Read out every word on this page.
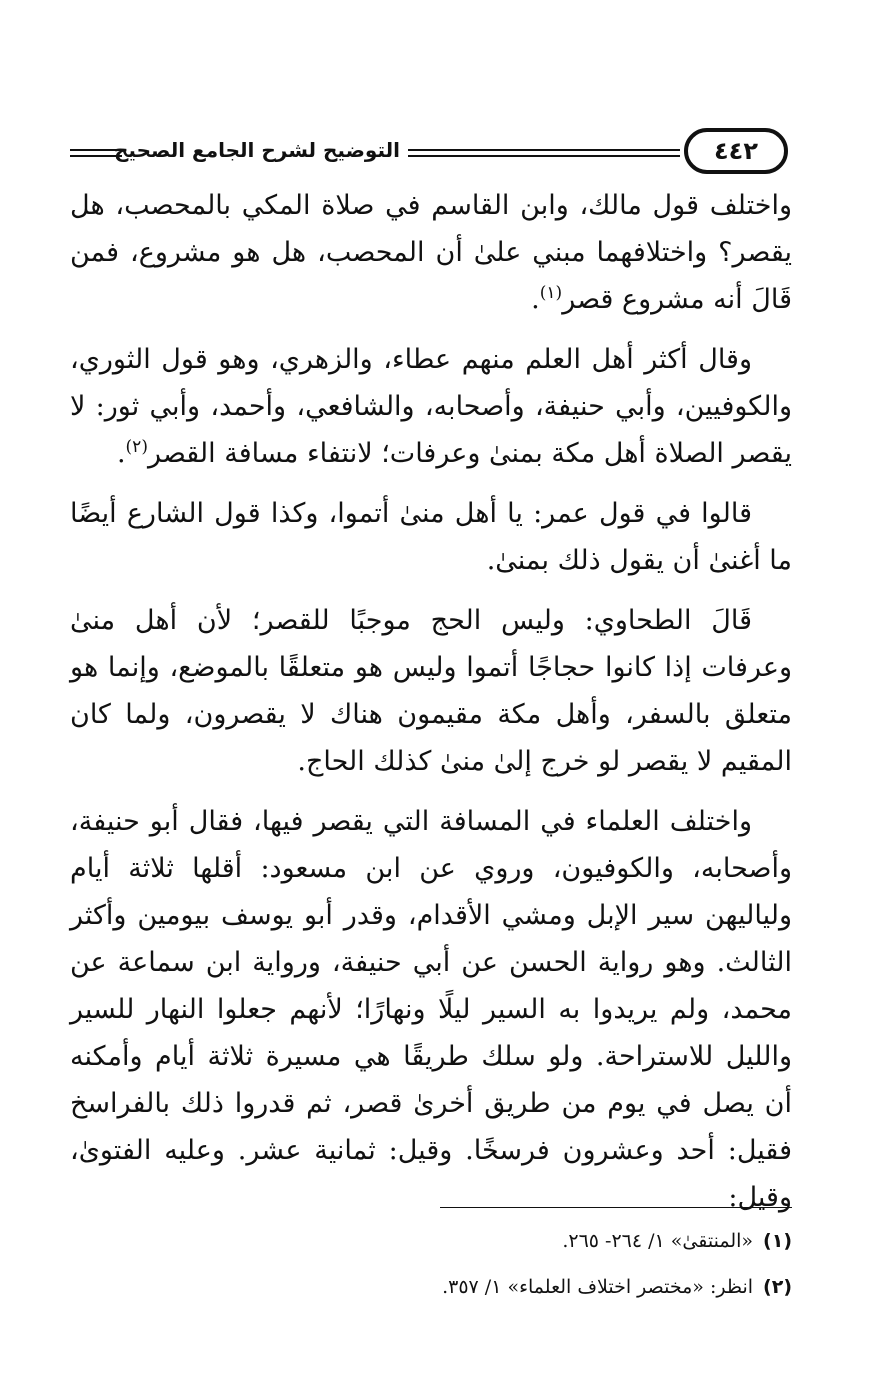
التوضيح لشرح الجامع الصحيح	٤٤٢

واختلف قول مالك، وابن القاسم في صلاة المكي بالمحصب، هل يقصر؟ واختلافهما مبني علىٰ أن المحصب، هل هو مشروع، فمن قَالَ أنه مشروع قصر$^{(١)}$.

وقال أكثر أهل العلم منهم عطاء، والزهري، وهو قول الثوري، والكوفيين، وأبي حنيفة، وأصحابه، والشافعي، وأحمد، وأبي ثور: لا يقصر الصلاة أهل مكة بمنىٰ وعرفات؛ لانتفاء مسافة القصر$^{(٢)}$.

قالوا في قول عمر: يا أهل منىٰ أتموا، وكذا قول الشارع أيضًا ما أغنىٰ أن يقول ذلك بمنىٰ.

قَالَ الطحاوي: وليس الحج موجبًا للقصر؛ لأن أهل منىٰ وعرفات إذا كانوا حجاجًا أتموا وليس هو متعلقًا بالموضع، وإنما هو متعلق بالسفر، وأهل مكة مقيمون هناك لا يقصرون، ولما كان المقيم لا يقصر لو خرج إلىٰ منىٰ كذلك الحاج.

واختلف العلماء في المسافة التي يقصر فيها، فقال أبو حنيفة، وأصحابه، والكوفيون، وروي عن ابن مسعود: أقلها ثلاثة أيام ولياليهن سير الإبل ومشي الأقدام، وقدر أبو يوسف بيومين وأكثر الثالث. وهو رواية الحسن عن أبي حنيفة، ورواية ابن سماعة عن محمد، ولم يريدوا به السير ليلًا ونهارًا؛ لأنهم جعلوا النهار للسير والليل للاستراحة. ولو سلك طريقًا هي مسيرة ثلاثة أيام وأمكنه أن يصل في يوم من طريق أخرىٰ قصر، ثم قدروا ذلك بالفراسخ فقيل: أحد وعشرون فرسخًا. وقيل: ثمانية عشر. وعليه الفتوىٰ، وقيل:

(١)«المنتقىٰ» ١/ ٢٦٤- ٢٦٥.
(٢)انظر: «مختصر اختلاف العلماء» ١/ ٣٥٧.
